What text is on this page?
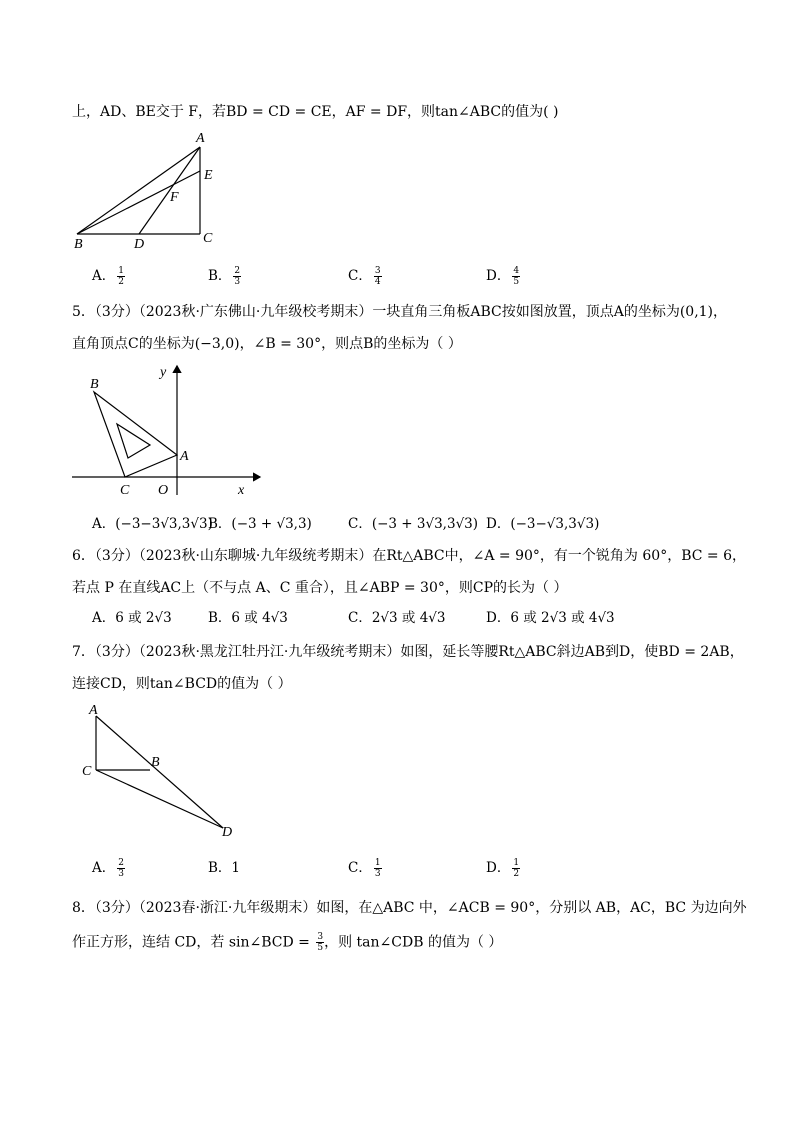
上，AD、BE交于 F，若BD = CD = CE，AF = DF，则tan∠ABC的值为( )
A
E
F
B	D	C
A． $\frac{1}{2}$	B． $\frac{2}{3}$	C． $\frac{3}{4}$	D． $\frac{4}{5}$
5．（3分）（2023秋·广东佛山·九年级校考期末）一块直角三角板ABC按如图放置，顶点A的坐标为(0,1)，
直角顶点C的坐标为(−3,0)，∠B = 30°，则点B的坐标为（ ）
y
B
A
C O	x
A．(−3−3√3,3√3)
B．(−3 + √3,3)	C．(−3 + 3√3,3√3) D．(−3−√3,3√3)
6．（3分）（2023秋·山东聊城·九年级统考期末）在Rt△ABC中，∠A = 90°，有一个锐角为 60°，BC = 6，
若点 P 在直线AC上（不与点 A、C 重合），且∠ABP = 30°，则CP的长为（ ）
A．6 或 2√3	B．6 或 4√3	C．2√3 或 4√3	D．6 或 2√3 或 4√3
7．（3分）（2023秋·黑龙江牡丹江·九年级统考期末）如图，延长等腰Rt△ABC斜边AB到D，使BD = 2AB，
连接CD，则tan∠BCD的值为（ ）
A
B
C
D
A． $\frac{2}{3}$	B．1	C． $\frac{1}{3}$	D． $\frac{1}{2}$
8．（3分）（2023春·浙江·九年级期末）如图，在△ABC 中，∠ACB = 90°，分别以 AB，AC，BC 为边向外
作正方形，连结 CD，若 sin∠BCD = $\frac{3}{5}$ ，则 tan∠CDB 的值为（ ）
